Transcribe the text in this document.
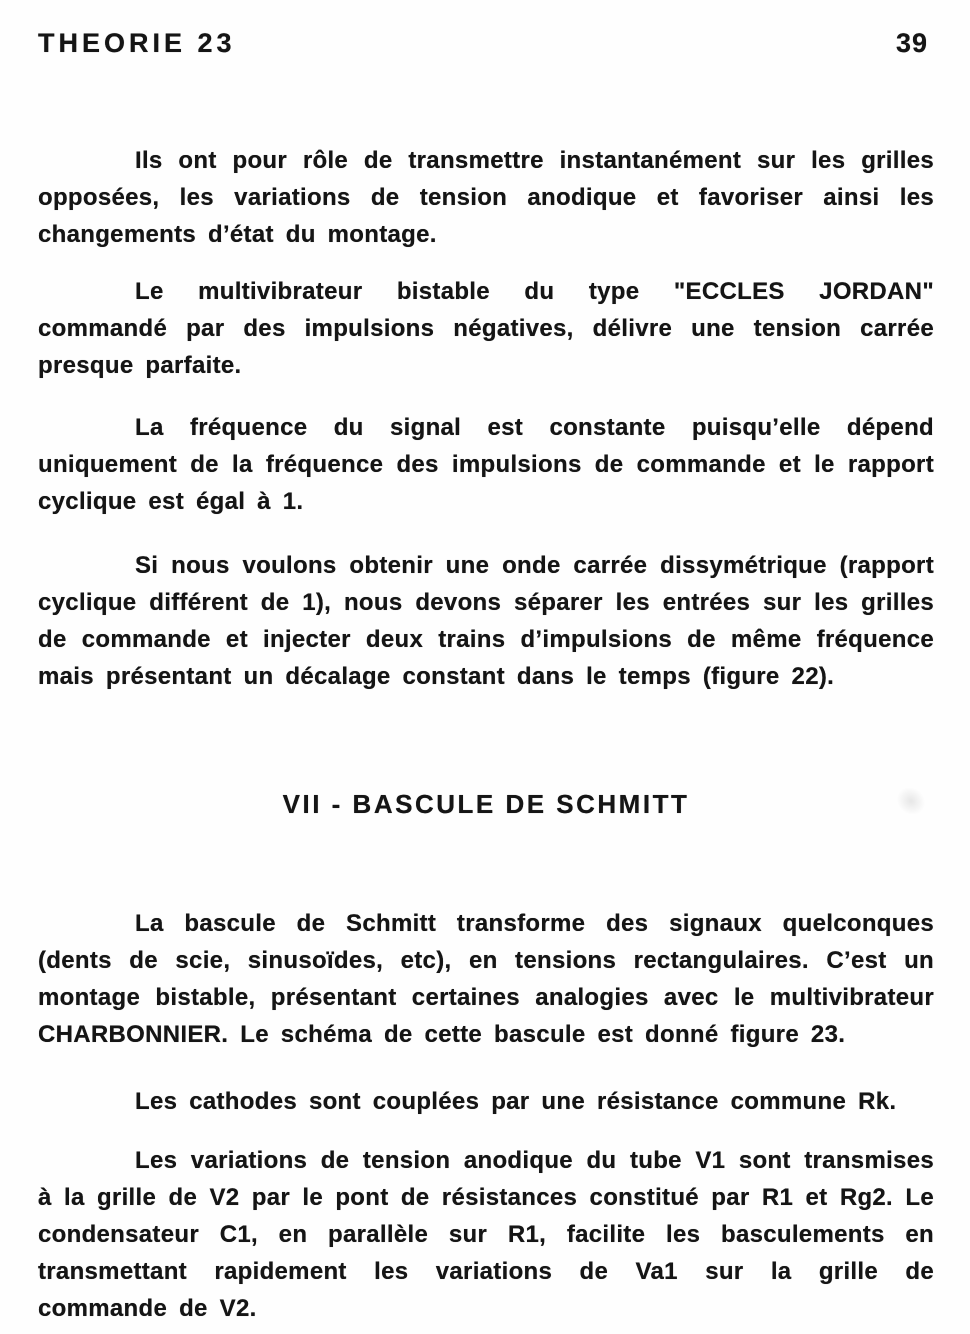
THEORIE 23	39

Ils ont pour rôle de transmettre instantanément sur les grilles opposées, les variations de tension anodique et favoriser ainsi les changements d’état du montage.

Le multivibrateur bistable du type "ECCLES JORDAN" commandé par des impulsions négatives, délivre une tension carrée presque parfaite.

La fréquence du signal est constante puisqu’elle dépend uniquement de la fréquence des impulsions de commande et le rapport cyclique est égal à 1.

Si nous voulons obtenir une onde carrée dissymétrique (rapport cyclique différent de 1), nous devons séparer les entrées sur les grilles de commande et injecter deux trains d’impulsions de même fréquence mais présentant un décalage constant dans le temps (figure 22).

VII - BASCULE DE SCHMITT

La bascule de Schmitt transforme des signaux quelconques (dents de scie, sinusoïdes, etc), en tensions rectangulaires. C’est un montage bistable, présentant certaines analogies avec le multivibrateur CHARBONNIER. Le schéma de cette bascule est donné figure 23.

Les cathodes sont couplées par une résistance commune Rk.

Les variations de tension anodique du tube V1 sont transmises à la grille de V2 par le pont de résistances constitué par R1 et Rg2. Le condensateur C1, en parallèle sur R1, facilite les basculements en transmettant rapidement les variations de Va1 sur la grille de commande de V2.
